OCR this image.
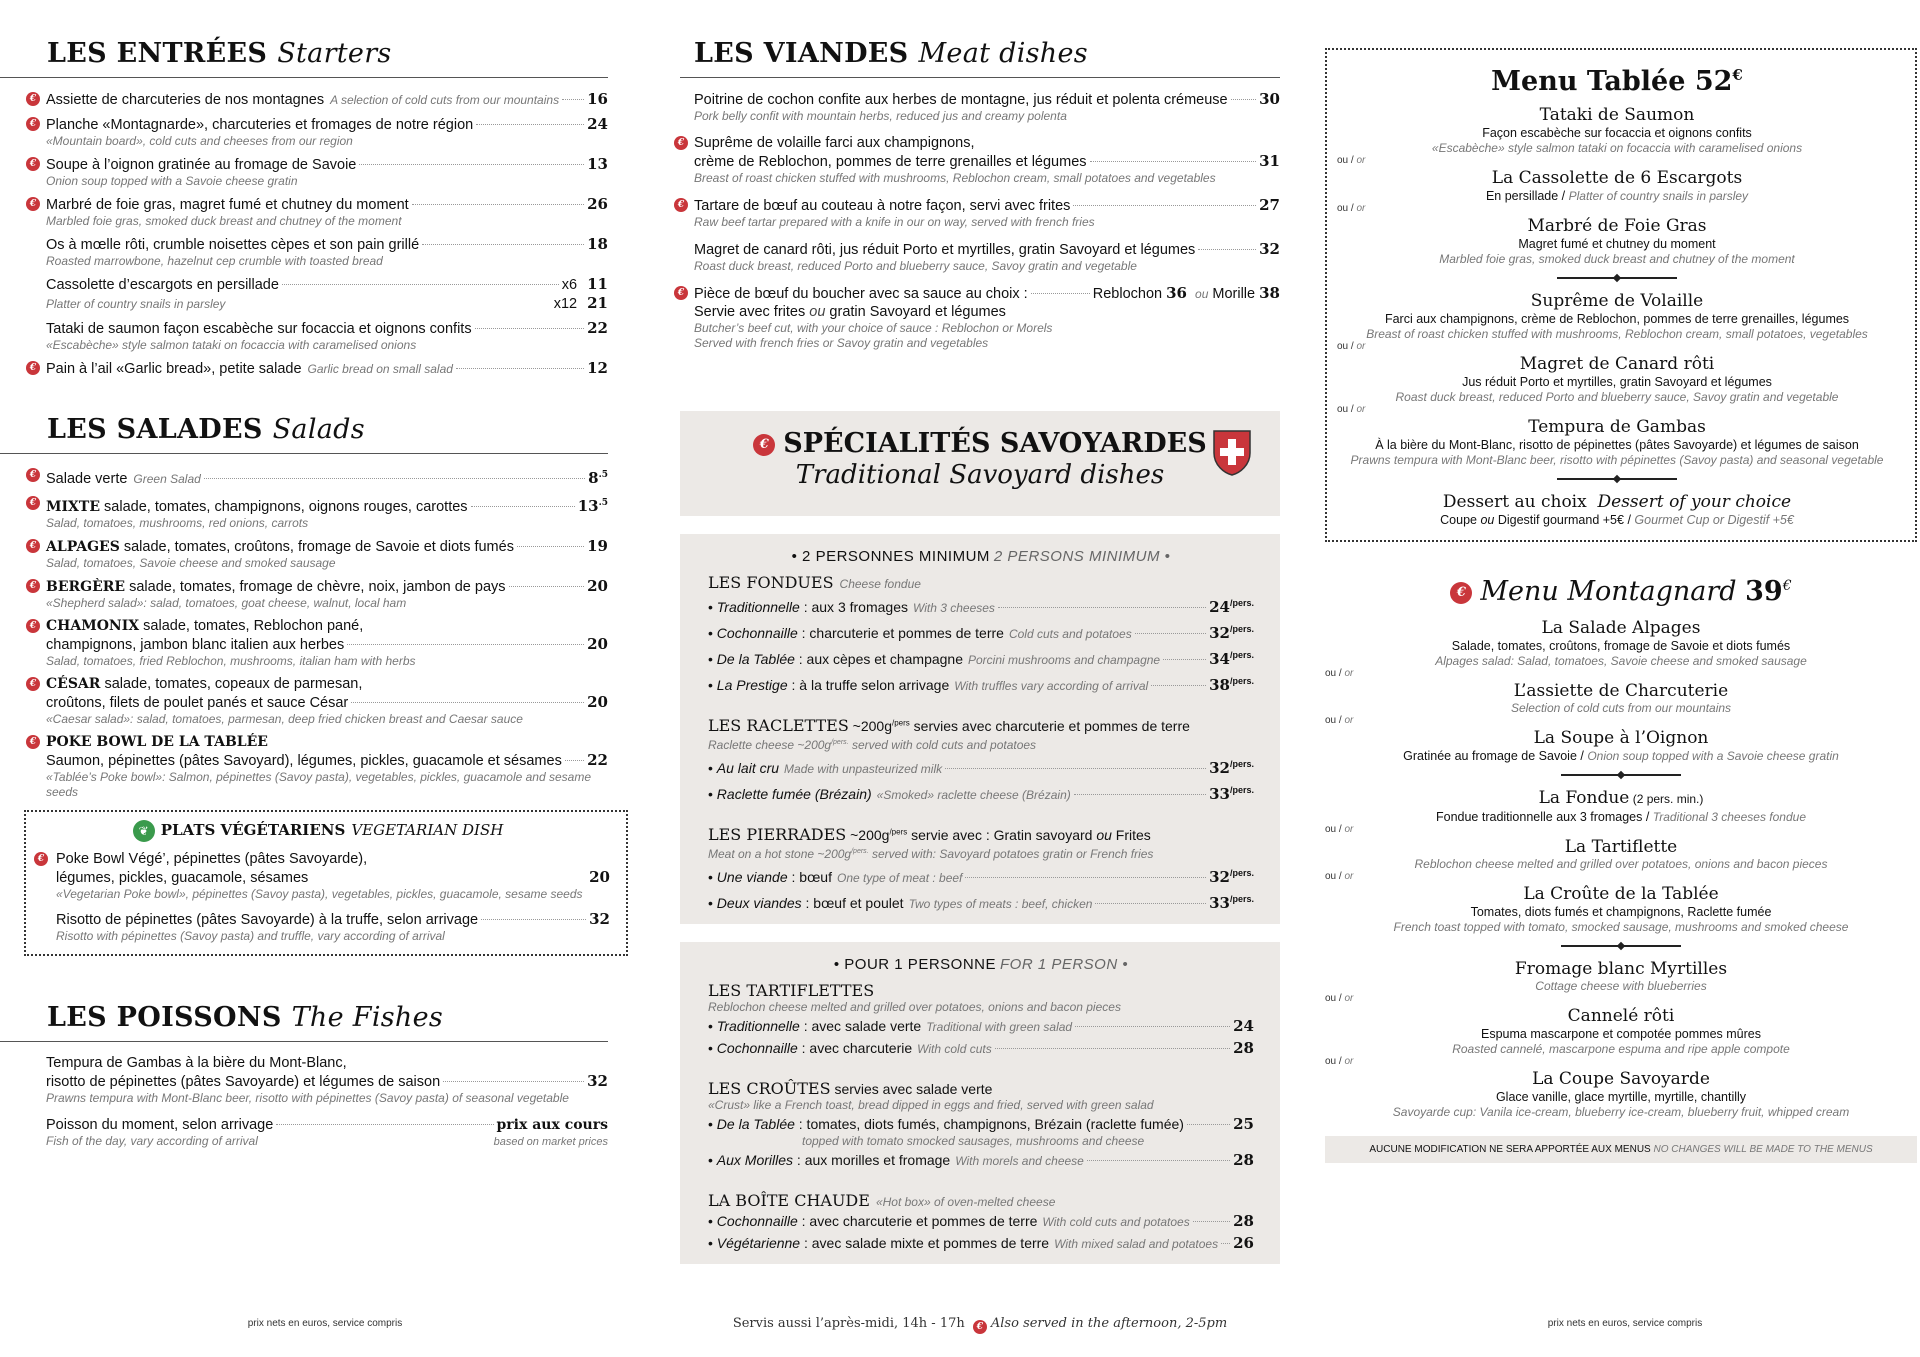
LES ENTRÉES Starters
€ Assiette de charcuteries de nos montagnes A selection of cold cuts from our mountains 16
€ Planche «Montagnarde», charcuteries et fromages de notre région	24
«Mountain board», cold cuts and cheeses from our region
€ Soupe à l’oignon gratinée au fromage de Savoie	13
Onion soup topped with a Savoie cheese gratin
€ Marbré de foie gras, magret fumé et chutney du moment	26
Marbled foie gras, smoked duck breast and chutney of the moment
Os à mœlle rôti, crumble noisettes cèpes et son pain grillé	18
Roasted marrowbone, hazelnut cep crumble with toasted bread
Cassolette d’escargots en persillade	x6 11
Platter of country snails in parsley	x12 21
Tataki de saumon façon escabèche sur focaccia et oignons confits	22
«Escabèche» style salmon tataki on focaccia with caramelised onions
€ Pain à l’ail «Garlic bread», petite salade Garlic bread on small salad	12
LES SALADES Salads
€ Salade verte Green Salad	$8^{.5}$
€ MIXTE salade, tomates, champignons, oignons rouges, carottes	$13^{.5}$
Salad, tomatoes, mushrooms, red onions, carrots
€ ALPAGES salade, tomates, croûtons, fromage de Savoie et diots fumés	19
Salad, tomatoes, Savoie cheese and smoked sausage
€ BERGÈRE salade, tomates, fromage de chèvre, noix, jambon de pays	20
«Shepherd salad»: salad, tomatoes, goat cheese, walnut, local ham
€ CHAMONIX salade, tomates, Reblochon pané,
champignons, jambon blanc italien aux herbes	20
Salad, tomatoes, fried Reblochon, mushrooms, italian ham with herbs
€ CÉSAR salade, tomates, copeaux de parmesan,
croûtons, filets de poulet panés et sauce César	20
«Caesar salad»: salad, tomatoes, parmesan, deep fried chicken breast and Caesar sauce
€ POKE BOWL DE LA TABLÉE
Saumon, pépinettes (pâtes Savoyard), légumes, pickles, guacamole et sésames 22
«Tablée’s Poke bowl»: Salmon, pépinettes (Savoy pasta), vegetables, pickles, guacamole and sesame seeds
❦ PLATS VÉGÉTARIENS VEGETARIAN DISH
€ Poke Bowl Végé’, pépinettes (pâtes Savoyarde),
légumes, pickles, guacamole, sésames	20
«Vegetarian Poke bowl», pépinettes (Savoy pasta), vegetables, pickles, guacamole, sesame seeds
Risotto de pépinettes (pâtes Savoyarde) à la truffe, selon arrivage	32
Risotto with pépinettes (Savoy pasta) and truffle, vary according of arrival
LES POISSONS The Fishes
Tempura de Gambas à la bière du Mont-Blanc,
risotto de pépinettes (pâtes Savoyarde) et légumes de saison	32
Prawns tempura with Mont-Blanc beer, risotto with pépinettes (Savoy pasta) of seasonal vegetable
Poisson du moment, selon arrivage	prix aux cours
Fish of the day, vary according of arrival	based on market prices
prix nets en euros, service compris
LES VIANDES Meat dishes
Poitrine de cochon confite aux herbes de montagne, jus réduit et polenta crémeuse 30
Pork belly confit with mountain herbs, reduced jus and creamy polenta
€ Suprême de volaille farci aux champignons,
crème de Reblochon, pommes de terre grenailles et légumes	31
Breast of roast chicken stuffed with mushrooms, Reblochon cream, small potatoes and vegetables
€ Tartare de bœuf au couteau à notre façon, servi avec frites	27
Raw beef tartar prepared with a knife in our on way, served with french fries
Magret de canard rôti, jus réduit Porto et myrtilles, gratin Savoyard et légumes	32
Roast duck breast, reduced Porto and blueberry sauce, Savoy gratin and vegetable
€ Pièce de bœuf du boucher avec sa sauce au choix :	Reblochon
36
ou Morille
38
Servie avec frites ou gratin Savoyard et légumes
Butcher’s beef cut, with your choice of sauce : Reblochon or Morels
Served with french fries or Savoy gratin and vegetables
€ SPÉCIALITÉS SAVOYARDES
Traditional Savoyard dishes
• 2 PERSONNES MINIMUM 2 PERSONS MINIMUM •
LES FONDUES Cheese fondue
• Traditionnelle : aux 3 fromages With 3 cheeses	$24^{/pers.}$
• Cochonnaille : charcuterie et pommes de terre Cold cuts and potatoes	$32^{/pers.}$
• De la Tablée : aux cèpes et champagne Porcini mushrooms and champagne	$34^{/pers.}$
• La Prestige : à la truffe selon arrivage With truffles vary according of arrival	$38^{/pers.}$
LES RACLETTES $\sim 200g^{/pers}$ servies avec charcuterie et pommes de terre
Raclette cheese $\sim 200g^{/pers.}$ served with cold cuts and potatoes
• Au lait cru Made with unpasteurized milk	$32^{/pers.}$
• Raclette fumée (Brézain) «Smoked» raclette cheese (Brézain)	$33^{/pers.}$
LES PIERRADES $\sim 200g^{/pers}$ servie avec : Gratin savoyard ou Frites
Meat on a hot stone $\sim 200g^{/pers.}$ served with: Savoyard potatoes gratin or French fries
• Une viande : bœuf One type of meat : beef	$32^{/pers.}$
• Deux viandes : bœuf et poulet Two types of meats : beef, chicken	$33^{/pers.}$
• POUR 1 PERSONNE FOR 1 PERSON •
LES TARTIFLETTES
Reblochon cheese melted and grilled over potatoes, onions and bacon pieces
• Traditionnelle : avec salade verte Traditional with green salad	24
• Cochonnaille : avec charcuterie With cold cuts	28
LES CROÛTES servies avec salade verte
«Crust» like a French toast, bread dipped in eggs and fried, served with green salad
• De la Tablée : tomates, diots fumés, champignons, Brézain (raclette fumée)	25
topped with tomato smocked sausages, mushrooms and cheese
• Aux Morilles : aux morilles et fromage With morels and cheese	28
LA BOÎTE CHAUDE «Hot box» of oven-melted cheese
• Cochonnaille : avec charcuterie et pommes de terre With cold cuts and potatoes	28
• Végétarienne : avec salade mixte et pommes de terre With mixed salad and potatoes 26
Servis aussi l’après-midi, 14h - 17h € Also served in the afternoon, 2-5pm
Menu Tablée 52€
Tataki de Saumon
Façon escabèche sur focaccia et oignons confits
«Escabèche» style salmon tataki on focaccia with caramelised onions
ou / or
La Cassolette de 6 Escargots
En persillade / Platter of country snails in parsley
ou / or
Marbré de Foie Gras
Magret fumé et chutney du moment
Marbled foie gras, smoked duck breast and chutney of the moment
Suprême de Volaille
Farci aux champignons, crème de Reblochon, pommes de terre grenailles, légumes
Breast of roast chicken stuffed with mushrooms, Reblochon cream, small potatoes, vegetables
ou / or
Magret de Canard rôti
Jus réduit Porto et myrtilles, gratin Savoyard et légumes
Roast duck breast, reduced Porto and blueberry sauce, Savoy gratin and vegetable
ou / or
Tempura de Gambas
À la bière du Mont-Blanc, risotto de pépinettes (pâtes Savoyarde) et légumes de saison
Prawns tempura with Mont-Blanc beer, risotto with pépinettes (Savoy pasta) and seasonal vegetable
Dessert au choix Dessert of your choice
Coupe ou Digestif gourmand +5€ / Gourmet Cup or Digestif +5€
€ Menu Montagnard 39€
La Salade Alpages
Salade, tomates, croûtons, fromage de Savoie et diots fumés
Alpages salad: Salad, tomatoes, Savoie cheese and smoked sausage
ou / or
L’assiette de Charcuterie
Selection of cold cuts from our mountains
ou / or
La Soupe à l’Oignon
Gratinée au fromage de Savoie / Onion soup topped with a Savoie cheese gratin
La Fondue (2 pers. min.)
Fondue traditionnelle aux 3 fromages / Traditional 3 cheeses fondue
ou / or
La Tartiflette
Reblochon cheese melted and grilled over potatoes, onions and bacon pieces
ou / or
La Croûte de la Tablée
Tomates, diots fumés et champignons, Raclette fumée
French toast topped with tomato, smocked sausage, mushrooms and smoked cheese
Fromage blanc Myrtilles
Cottage cheese with blueberries
ou / or
Cannelé rôti
Espuma mascarpone et compotée pommes mûres
Roasted cannelé, mascarpone espuma and ripe apple compote
ou / or
La Coupe Savoyarde
Glace vanille, glace myrtille, myrtille, chantilly
Savoyarde cup: Vanila ice-cream, blueberry ice-cream, blueberry fruit, whipped cream
AUCUNE MODIFICATION NE SERA APPORTÉE AUX MENUS NO CHANGES WILL BE MADE TO THE MENUS
prix nets en euros, service compris
